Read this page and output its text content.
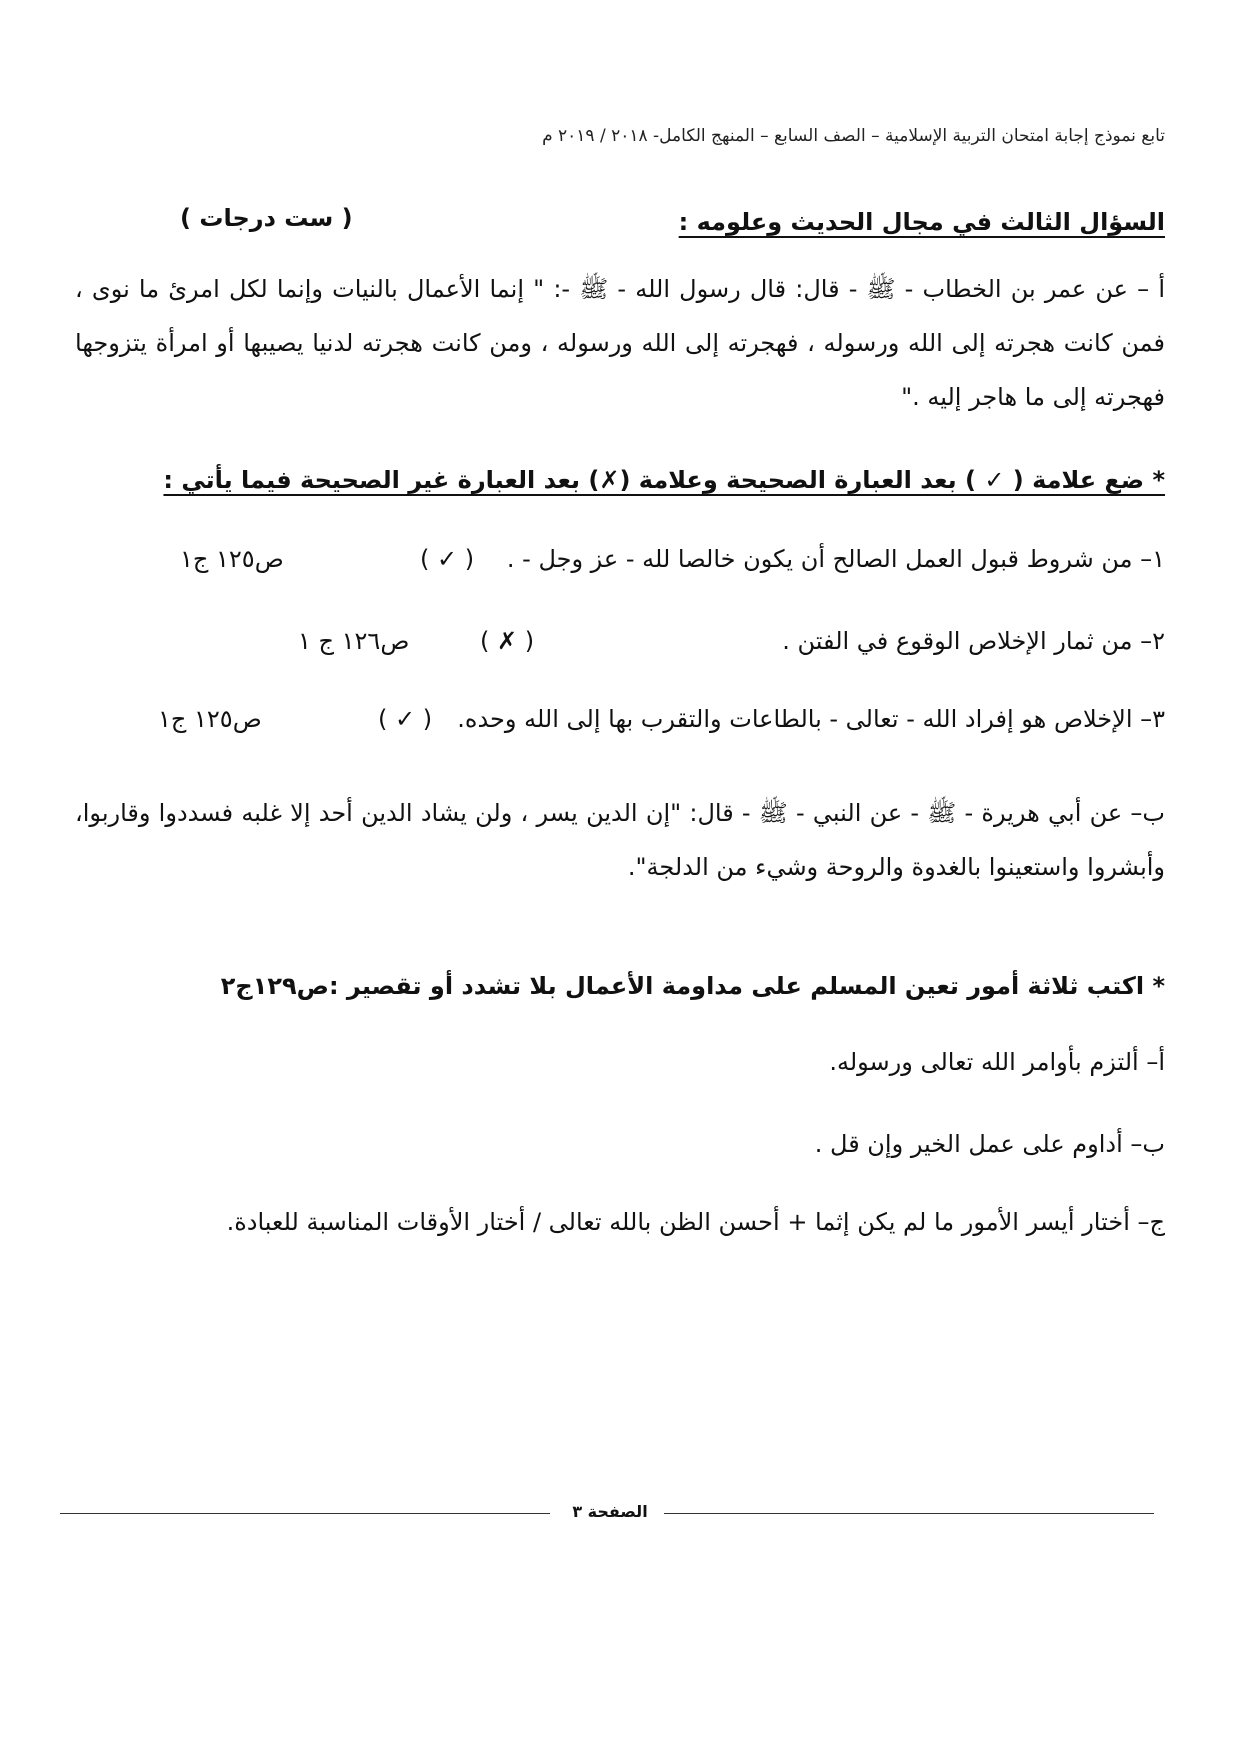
تابع نموذج إجابة امتحان التربية الإسلامية – الصف السابع – المنهج الكامل- ٢٠١٨ / ٢٠١٩ م
السؤال الثالث في مجال الحديث وعلومه :
( ست درجات )
أ – عن عمر بن الخطاب - ﷺ - قال: قال رسول الله - ﷺ -: " إنما الأعمال بالنيات وإنما لكل امرئ ما نوى ، فمن كانت هجرته إلى الله ورسوله ، فهجرته إلى الله ورسوله ، ومن كانت هجرته لدنيا يصيبها أو امرأة يتزوجها فهجرته إلى ما هاجر إليه ."
* ضع علامة ( ✓ ) بعد العبارة الصحيحة وعلامة (✗) بعد العبارة غير الصحيحة فيما يأتي :
١– من شروط قبول العمل الصالح أن يكون خالصا لله - عز وجل - .
( ✓ )
ص١٢٥ ج١
٢– من ثمار الإخلاص الوقوع في الفتن .
( ✗ )
ص١٢٦ ج ١
٣– الإخلاص هو إفراد الله - تعالى - بالطاعات والتقرب بها إلى الله وحده.
( ✓ )
ص١٢٥ ج١
ب– عن أبي هريرة - ﷺ - عن النبي - ﷺ - قال: "إن الدين يسر ، ولن يشاد الدين أحد إلا غلبه فسددوا وقاربوا، وأبشروا واستعينوا بالغدوة والروحة وشيء من الدلجة".
* اكتب ثلاثة أمور تعين المسلم على مداومة الأعمال بلا تشدد أو تقصير :ص١٢٩ج٢
أ– ألتزم بأوامر الله تعالى ورسوله.
ب– أداوم على عمل الخير وإن قل .
ج– أختار أيسر الأمور ما لم يكن إثما + أحسن الظن بالله تعالى / أختار الأوقات المناسبة للعبادة.
الصفحة ٣
